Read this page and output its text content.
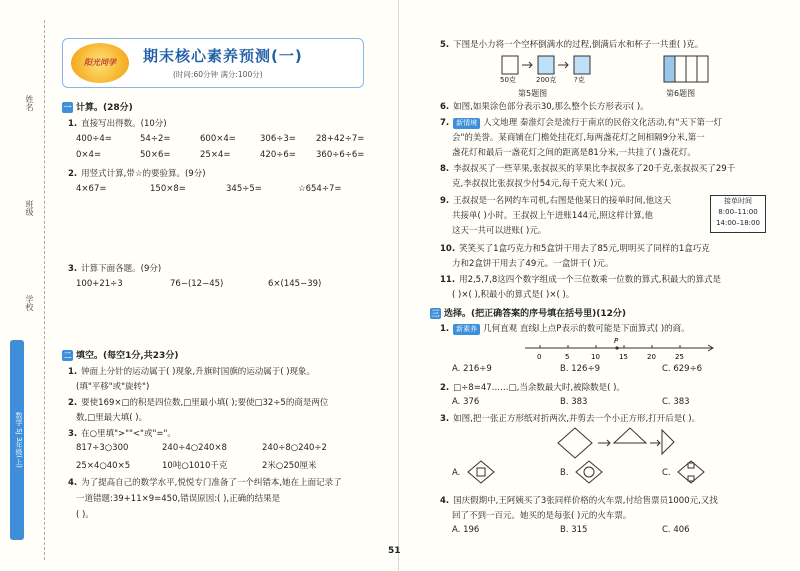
姓名
班级
学校
数学 SJ 3年级(上)
阳光同学	期末核心素养预测(一)
(时间:60分钟 满分:100分)
一 计算。(28分)
1. 直接写出得数。(10分)
400÷4=	54÷2=	600×4=	306÷3= 28+42÷7=
0×4=	50×6=	25×4=	420÷6= 360÷6÷6=
2. 用竖式计算,带☆的要验算。(9分)
4×67=	150×8=	345÷5=	☆654÷7=
3. 计算下面各题。(9分)
100+21÷3	76−(12−45)	6×(145−39)
二 填空。(每空1分,共23分)
1. 钟面上分针的运动属于( )现象,升旗时国旗的运动属于( )现象。
(填"平移"或"旋转")
2. 要使169×□的积是四位数,□里最小填( );要使□32÷5的商是两位
数,□里最大填( )。
3. 在○里填">""<"或"="。
817÷3○300	240÷4○240×8	240÷8○240÷2
25×4○40×5	10吨○1010千克	2米○250厘米
4. 为了提高自己的数学水平,悦悦专门准备了一个纠错本,她在上面记录了
一道错题:39+11×9=450,错误原因:( ),正确的结果是
( )。
5. 下图是小力将一个空杯倒满水的过程,倒满后水和杯子一共重( )克。
50克	200克	?克
第5题图	第6题图
6. 如图,如果涂色部分表示30,那么整个长方形表示( )。
7. 新情境 人文地理 秦淮灯会是流行于南京的民俗文化活动,有"天下第一灯
会"的美誉。某商铺在门檐处挂花灯,每两盏花灯之间相隔9分米,第一
盏花灯和最后一盏花灯之间的距离是81分米,一共挂了( )盏花灯。
8. 李叔叔买了一些苹果,张叔叔买的苹果比李叔叔多了20千克,张叔叔买了29千
克,李叔叔比张叔叔少付54元,每千克大米( )元。
9. 王叔叔是一名网约车司机,右图是他某日的接单时间,他这天
共接单( )小时。王叔叔上午进账144元,照这样计算,他
这天一共可以进账( )元。
接单时间
8:00–11:00
14:00–18:00
10. 笑笑买了1盒巧克力和5盒饼干用去了85元,明明买了同样的1盒巧克
力和2盒饼干用去了49元。一盒饼干( )元。
11. 用2,5,7,8这四个数字组成一个三位数乘一位数的算式,积最大的算式是
( )×( ),积最小的算式是( )×( )。
三 选择。(把正确答案的序号填在括号里)(12分)
1. 新素养 几何直观 直线l上点P表示的数可能是下面算式( )的商。
0	5	10	15	20	25
P
A. 216÷9	B. 126÷9	C. 629÷6
2. □÷8=47……□,当余数最大时,被除数是( )。
A. 376	B. 383	C. 383
3. 如图,把一张正方形纸对折两次,并剪去一个小正方形,打开后是( )。
A.	B.	C.
4. 国庆假期中,王阿姨买了3张同样价格的火车票,付给售票员1000元,又找
回了不到一百元。她买的是每张( )元的火车票。
A. 196	B. 315	C. 406
51
